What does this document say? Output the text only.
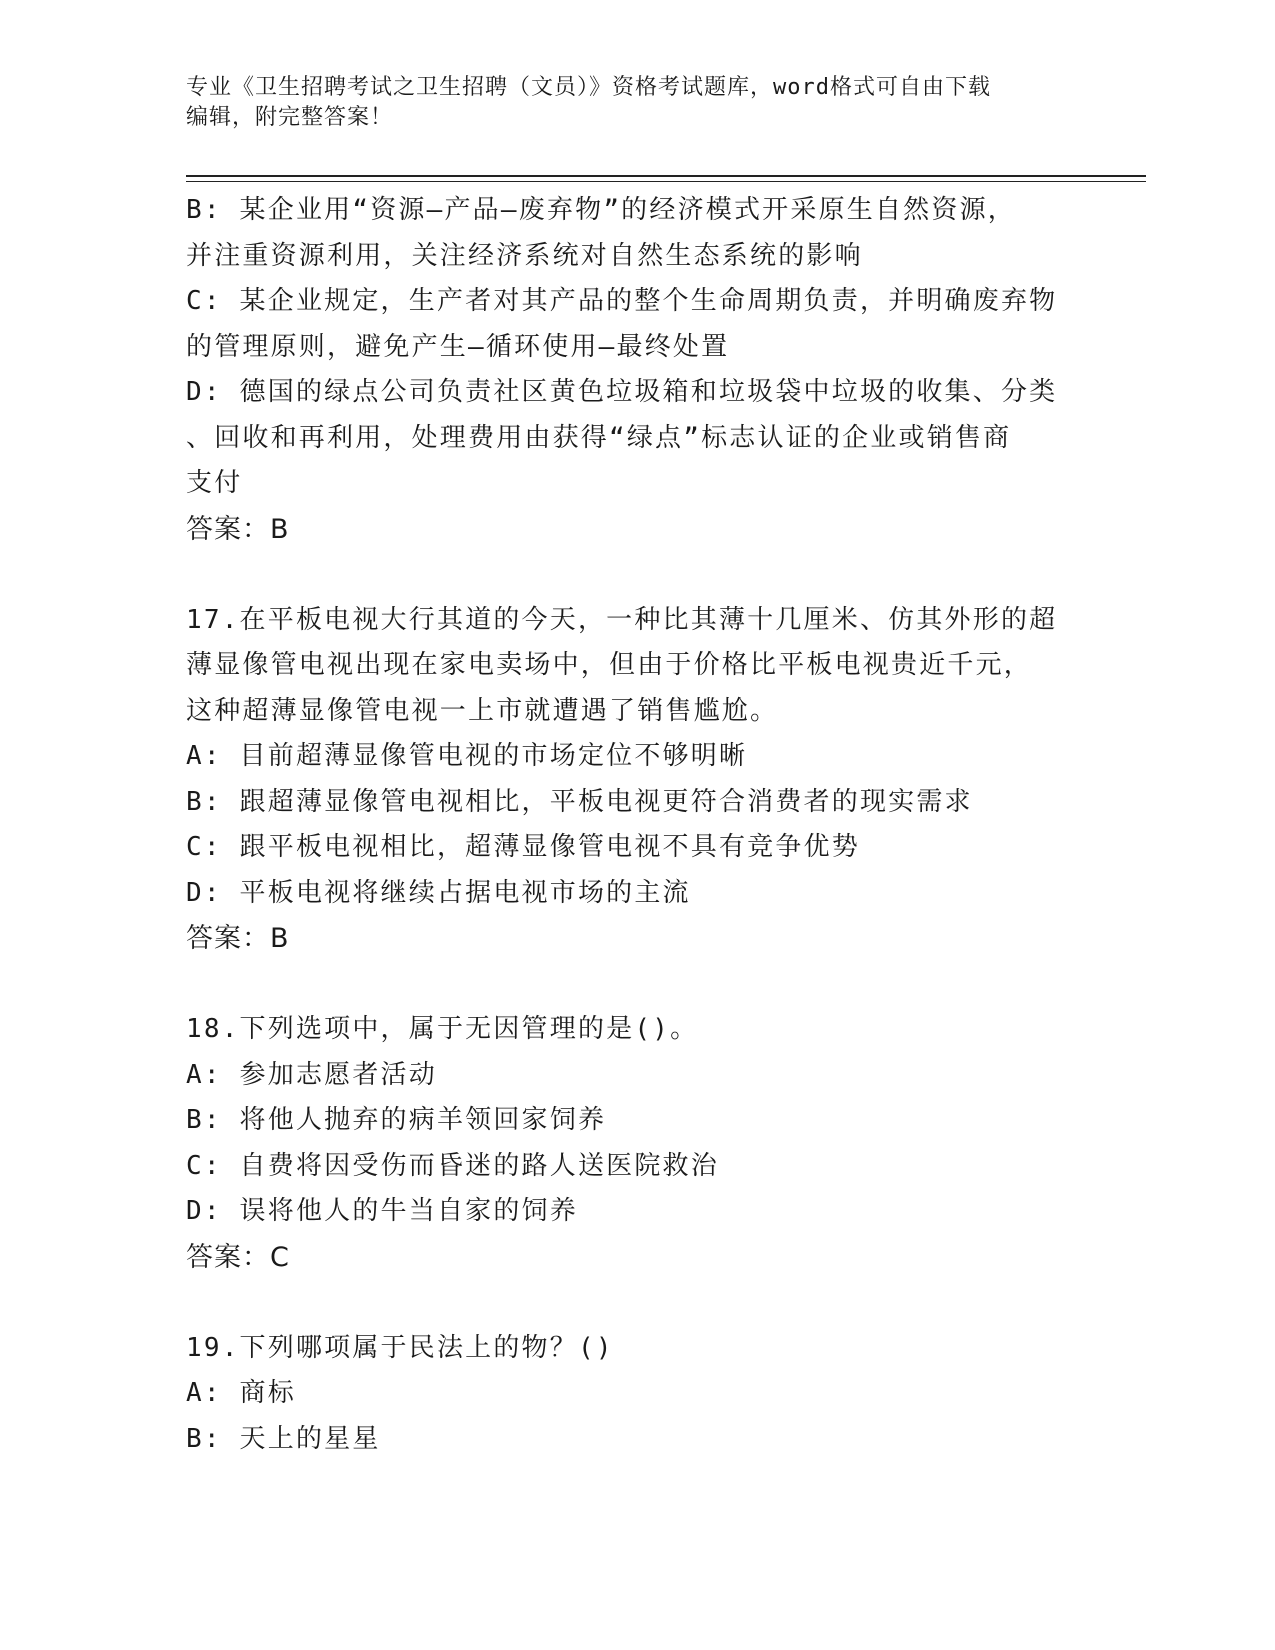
专业《卫生招聘考试之卫生招聘（文员）》资格考试题库，word格式可自由下载
编辑，附完整答案！
B: 某企业用“资源—产品—废弃物”的经济模式开采原生自然资源，
并注重资源利用，关注经济系统对自然生态系统的影响
C: 某企业规定，生产者对其产品的整个生命周期负责，并明确废弃物
的管理原则，避免产生—循环使用—最终处置
D: 德国的绿点公司负责社区黄色垃圾箱和垃圾袋中垃圾的收集、分类
、回收和再利用，处理费用由获得“绿点”标志认证的企业或销售商
支付
答案：B
17.在平板电视大行其道的今天，一种比其薄十几厘米、仿其外形的超
薄显像管电视出现在家电卖场中，但由于价格比平板电视贵近千元，
这种超薄显像管电视一上市就遭遇了销售尴尬。
A: 目前超薄显像管电视的市场定位不够明晰
B: 跟超薄显像管电视相比，平板电视更符合消费者的现实需求
C: 跟平板电视相比，超薄显像管电视不具有竞争优势
D: 平板电视将继续占据电视市场的主流
答案：B
18.下列选项中，属于无因管理的是()。
A: 参加志愿者活动
B: 将他人抛弃的病羊领回家饲养
C: 自费将因受伤而昏迷的路人送医院救治
D: 误将他人的牛当自家的饲养
答案：C
19.下列哪项属于民法上的物？()
A: 商标
B: 天上的星星
